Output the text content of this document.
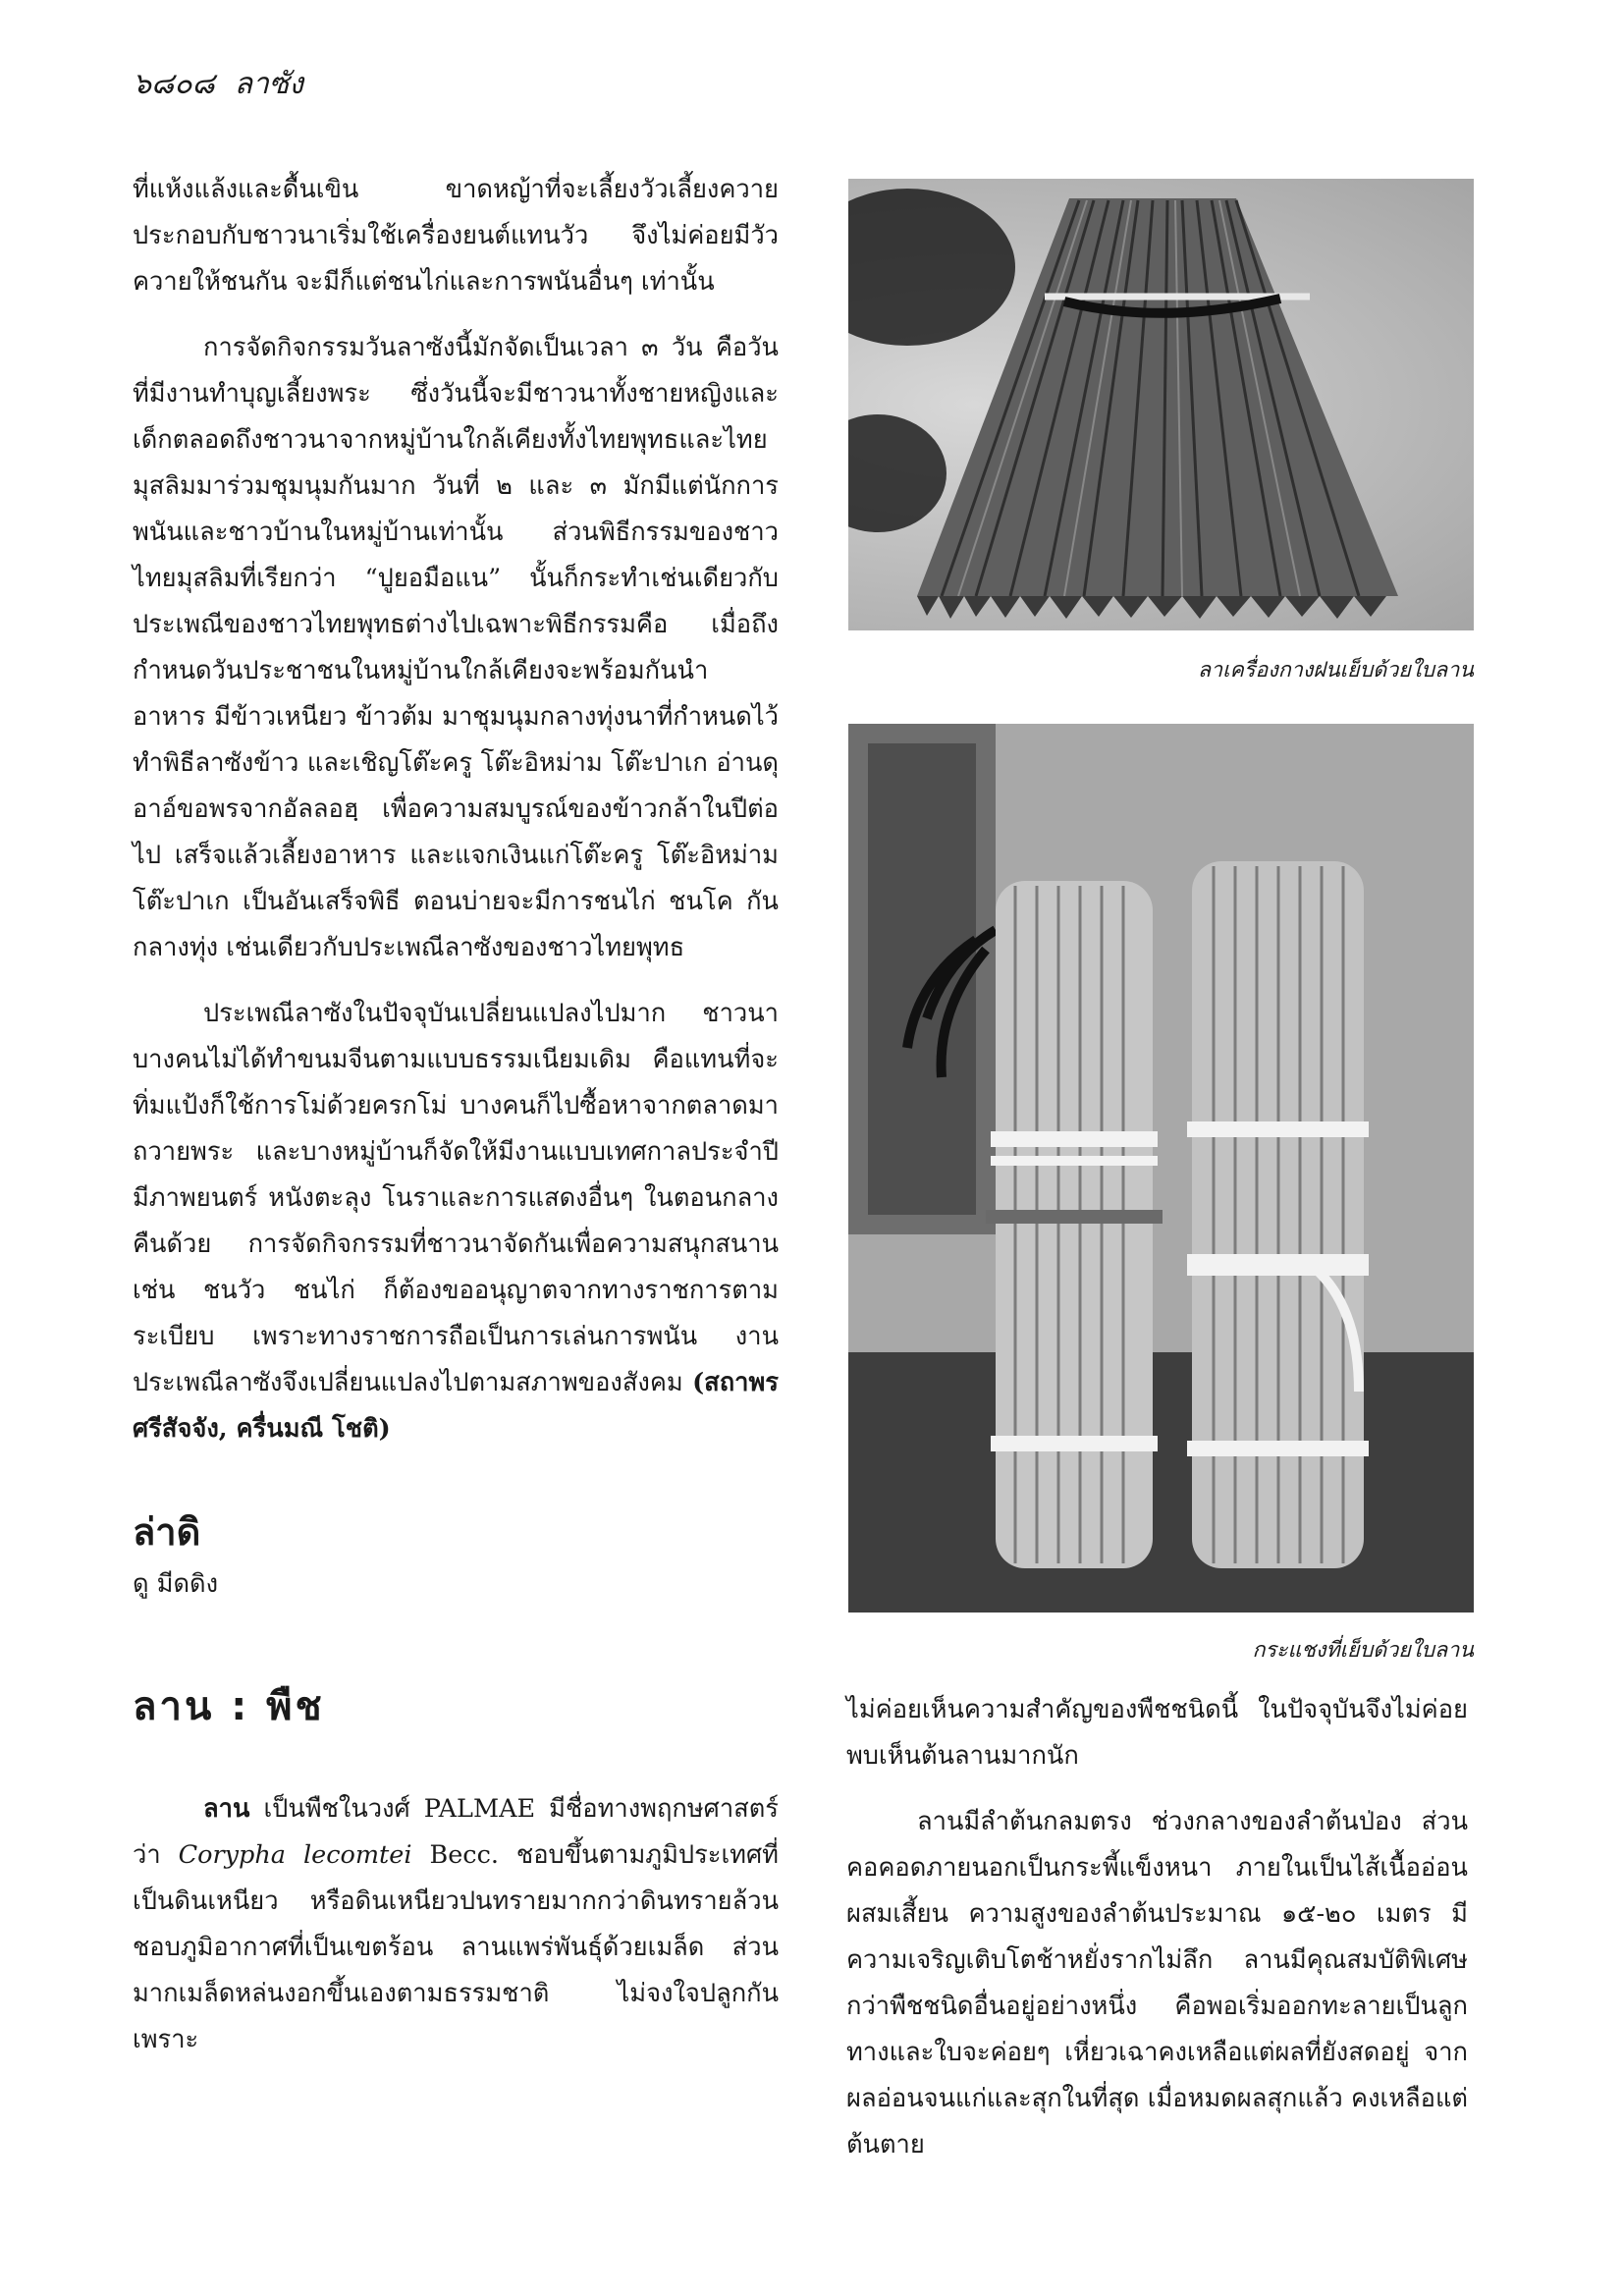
๖๘๐๘ ลาซัง

ที่แห้งแล้งและดื้นเขิน ขาดหญ้าที่จะเลี้ยงวัวเลี้ยงควาย ประกอบกับชาวนาเริ่มใช้เครื่องยนต์แทนวัว จึงไม่ค่อยมีวัวควายให้ชนกัน จะมีก็แต่ชนไก่และการพนันอื่นๆ เท่านั้น

การจัดกิจกรรมวันลาซังนี้มักจัดเป็นเวลา ๓ วัน คือวันที่มีงานทำบุญเลี้ยงพระ ซึ่งวันนี้จะมีชาวนาทั้งชายหญิงและเด็กตลอดถึงชาวนาจากหมู่บ้านใกล้เคียงทั้งไทยพุทธและไทยมุสลิมมาร่วมชุมนุมกันมาก วันที่ ๒ และ ๓ มักมีแต่นักการพนันและชาวบ้านในหมู่บ้านเท่านั้น ส่วนพิธีกรรมของชาวไทยมุสลิมที่เรียกว่า “ปูยอมือแน” นั้นก็กระทำเช่นเดียวกับประเพณีของชาวไทยพุทธต่างไปเฉพาะพิธีกรรมคือ เมื่อถึงกำหนดวันประชาชนในหมู่บ้านใกล้เคียงจะพร้อมกันนำอาหาร มีข้าวเหนียว ข้าวต้ม มาชุมนุมกลางทุ่งนาที่กำหนดไว้ ทำพิธีลาซังข้าว และเชิญโต๊ะครู โต๊ะอิหม่าม โต๊ะปาเก อ่านดุอาอ์ขอพรจากอัลลอฮฺ เพื่อความสมบูรณ์ของข้าวกล้าในปีต่อไป เสร็จแล้วเลี้ยงอาหาร และแจกเงินแก่โต๊ะครู โต๊ะอิหม่าม โต๊ะปาเก เป็นอันเสร็จพิธี ตอนบ่ายจะมีการชนไก่ ชนโค กันกลางทุ่ง เช่นเดียวกับประเพณีลาซังของชาวไทยพุทธ

ประเพณีลาซังในปัจจุบันเปลี่ยนแปลงไปมาก ชาวนาบางคนไม่ได้ทำขนมจีนตามแบบธรรมเนียมเดิม คือแทนที่จะทิ่มแป้งก็ใช้การโม่ด้วยครกโม่ บางคนก็ไปซื้อหาจากตลาดมาถวายพระ และบางหมู่บ้านก็จัดให้มีงานแบบเทศกาลประจำปี มีภาพยนตร์ หนังตะลุง โนราและการแสดงอื่นๆ ในตอนกลางคืนด้วย การจัดกิจกรรมที่ชาวนาจัดกันเพื่อความสนุกสนาน เช่น ชนวัว ชนไก่ ก็ต้องขออนุญาตจากทางราชการตามระเบียบ เพราะทางราชการถือเป็นการเล่นการพนัน งานประเพณีลาซังจึงเปลี่ยนแปลงไปตามสภาพของสังคม (สถาพร ศรีสัจจัง, ครื่นมณี โชติ)

ล่าดิ
ดู มีดดิง
ลาน : พืช

ลาน เป็นพืชในวงศ์ PALMAE มีชื่อทางพฤกษศาสตร์ว่า Corypha lecomtei Becc. ชอบขึ้นตามภูมิประเทศที่เป็นดินเหนียว หรือดินเหนียวปนทรายมากกว่าดินทรายล้วน ชอบภูมิอากาศที่เป็นเขตร้อน ลานแพร่พันธุ์ด้วยเมล็ด ส่วนมากเมล็ดหล่นงอกขึ้นเองตามธรรมชาติ ไม่จงใจปลูกกันเพราะ

ลาเครื่องกางฝนเย็บด้วยใบลาน
กระแชงที่เย็บด้วยใบลาน

ไม่ค่อยเห็นความสำคัญของพืชชนิดนี้ ในปัจจุบันจึงไม่ค่อยพบเห็นต้นลานมากนัก

ลานมีลำต้นกลมตรง ช่วงกลางของลำต้นป่อง ส่วนคอคอดภายนอกเป็นกระพี้แข็งหนา ภายในเป็นไส้เนื้ออ่อนผสมเสี้ยน ความสูงของลำต้นประมาณ ๑๕-๒๐ เมตร มีความเจริญเติบโตช้าหยั่งรากไม่ลึก ลานมีคุณสมบัติพิเศษกว่าพืชชนิดอื่นอยู่อย่างหนึ่ง คือพอเริ่มออกทะลายเป็นลูก ทางและใบจะค่อยๆ เหี่ยวเฉาคงเหลือแต่ผลที่ยังสดอยู่ จากผลอ่อนจนแก่และสุกในที่สุด เมื่อหมดผลสุกแล้ว คงเหลือแต่ต้นตาย
